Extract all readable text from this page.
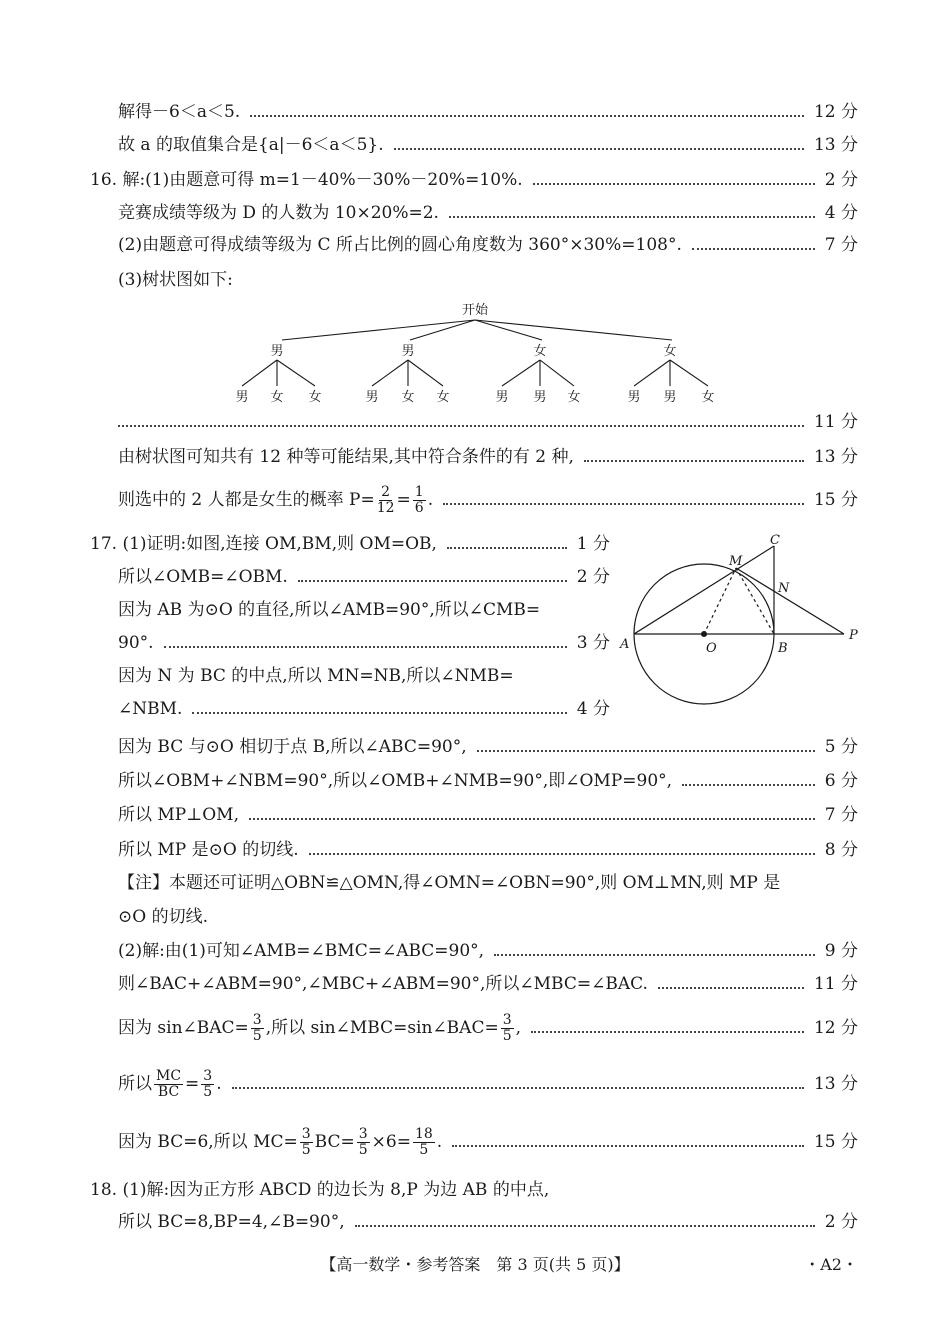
解得－6＜a＜5.	12 分
故 a 的取值集合是{a|－6＜a＜5}.	13 分
16. 解:(1)由题意可得 m=1－40%－30%－20%=10%.	2 分
竞赛成绩等级为 D 的人数为 10×20%=2.	4 分
(2)由题意可得成绩等级为 C 所占比例的圆心角度数为 360°×30%=108°.	7 分
(3)树状图如下:
开始
男	男	女	女
男 女 女	男 女 女	男 男 女	男 男 女
11 分
由树状图可知共有 12 种等可能结果,其中符合条件的有 2 种,	13 分
则选中的 2 人都是女生的概率 $P= \frac{2}{12} = \frac{1}{6}$ .	15 分
17. (1)证明:如图,连接 OM,BM,则 OM=OB,	1 分
所以∠OMB=∠OBM.	2 分
因为 AB 为⊙O 的直径,所以∠AMB=90°,所以∠CMB=
90°.	3 分
因为 N 为 BC 的中点,所以 MN=NB,所以∠NMB=
∠NBM.	4 分
A	B
C
M
N
O
P
因为 BC 与⊙O 相切于点 B,所以∠ABC=90°,	5 分
所以∠OBM+∠NBM=90°,所以∠OMB+∠NMB=90°,即∠OMP=90°,	6 分
所以 MP⊥OM,	7 分
所以 MP 是⊙O 的切线.	8 分
【注】本题还可证明△OBN≌△OMN,得∠OMN=∠OBN=90°,则 OM⊥MN,则 MP 是
⊙O 的切线.
(2)解:由(1)可知∠AMB=∠BMC=∠ABC=90°,	9 分
则∠BAC+∠ABM=90°,∠MBC+∠ABM=90°,所以∠MBC=∠BAC.	11 分
因为 sin∠BAC= $\frac{3}{5}$ ,所以 sin∠MBC=sin∠BAC= $\frac{3}{5}$ ,	12 分
所以 $\frac{MC}{BC} = \frac{3}{5}$ .	13 分
因为 BC=6,所以 $MC= \frac{3}{5} BC= \frac{3}{5} \times 6= \frac{18}{5}$ .	15 分
18. (1)解:因为正方形 ABCD 的边长为 8,P 为边 AB 的中点,
所以 BC=8,BP=4,∠B=90°,	2 分
【高一数学・参考答案　第 3 页(共 5 页)】	・A2・
